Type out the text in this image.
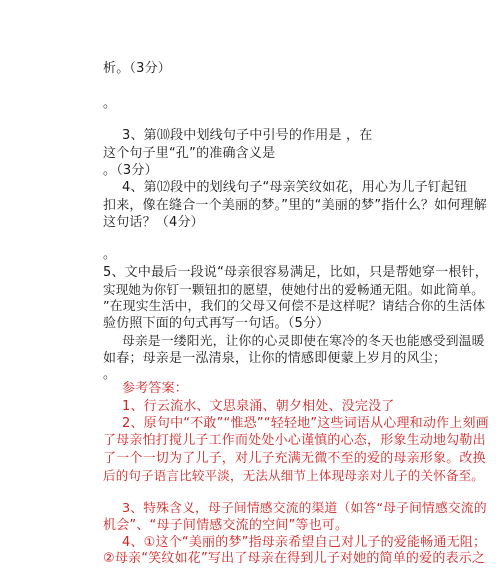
析。（3分）
。
3、第⑽段中划线句子中引号的作用是 ，在
这个句子里“孔”的准确含义是
。（3分）
4、第⑿段中的划线句子“母亲笑纹如花，用心为儿子钉起钮
扣来，像在缝合一个美丽的梦。”里的“美丽的梦”指什么？如何理解
这句话？（4分）
。
5、文中最后一段说“母亲很容易满足，比如，只是帮她穿一根针，
实现她为你钉一颗钮扣的愿望，使她付出的爱畅通无阻。如此简单。
”在现实生活中，我们的父母又何偿不是这样呢？请结合你的生活体
验仿照下面的句式再写一句话。（5分）
母亲是一缕阳光，让你的心灵即使在寒冷的冬天也能感受到温暖
如春；母亲是一泓清泉，让你的情感即便蒙上岁月的风尘；
。
参考答案：
1、行云流水、文思泉涌、朝夕相处、没完没了
2、原句中“不敢”“惟恐”“轻轻地”这些词语从心理和动作上刻画
了母亲怕打搅儿子工作而处处小心谨慎的心态，形象生动地勾勒出
了一个一切为了儿子，对儿子充满无微不至的爱的母亲形象。改换
后的句子语言比较平淡，无法从细节上体现母亲对儿子的关怀备至。
3、特殊含义，母子间情感交流的渠道（如答“母子间情感交流的
机会”、“母子间情感交流的空间”等也可。
4、①这个“美丽的梦”指母亲希望自己对儿子的爱能畅通无阻；
②母亲“笑纹如花”写出了母亲在得到儿子对她的简单的爱的表示之
